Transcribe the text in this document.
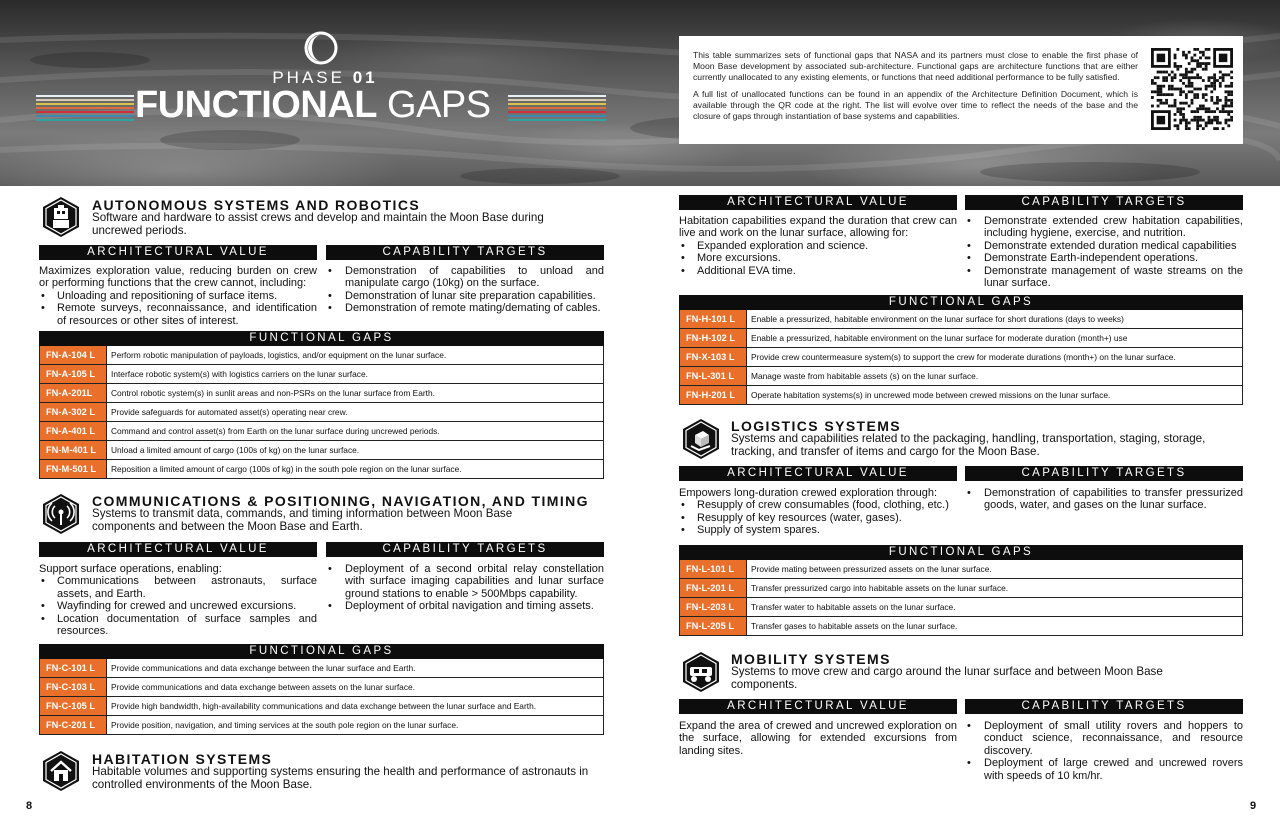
PHASE 01
FUNCTIONAL GAPS

This table summarizes sets of functional gaps that NASA and its partners must close to enable the first phase of Moon Base development by associated sub-architecture. Functional gaps are architecture functions that are either currently unallocated to any existing elements, or functions that need additional performance to be fully satisfied.

A full list of unallocated functions can be found in an appendix of the Architecture Definition Document, which is available through the QR code at the right. The list will evolve over time to reflect the needs of the base and the closure of gaps through instantiation of base systems and capabilities.

AUTONOMOUS SYSTEMS AND ROBOTICS
Software and hardware to assist crews and develop and maintain the Moon Base during uncrewed periods.
ARCHITECTURAL VALUE	CAPABILITY TARGETS
Maximizes exploration value, reducing burden on crew or performing functions that the crew cannot, including:
• Unloading and repositioning of surface items.
• Remote surveys, reconnaissance, and identification of resources or other sites of interest.
• Demonstration of capabilities to unload and manipulate cargo (10kg) on the surface.
• Demonstration of lunar site preparation capabilities.
• Demonstration of remote mating/demating of cables.
FUNCTIONAL GAPS
FN-A-104 L	Perform robotic manipulation of payloads, logistics, and/or equipment on the lunar surface.
FN-A-105 L	Interface robotic system(s) with logistics carriers on the lunar surface.
FN-A-201L	Control robotic system(s) in sunlit areas and non-PSRs on the lunar surface from Earth.
FN-A-302 L	Provide safeguards for automated asset(s) operating near crew.
FN-A-401 L	Command and control asset(s) from Earth on the lunar surface during uncrewed periods.
FN-M-401 L	Unload a limited amount of cargo (100s of kg) on the lunar surface.
FN-M-501 L	Reposition a limited amount of cargo (100s of kg) in the south pole region on the lunar surface.
COMMUNICATIONS & POSITIONING, NAVIGATION, AND TIMING
Systems to transmit data, commands, and timing information between Moon Base components and between the Moon Base and Earth.
ARCHITECTURAL VALUE	CAPABILITY TARGETS
Support surface operations, enabling:
• Communications between astronauts, surface assets, and Earth.
• Wayfinding for crewed and uncrewed excursions.
• Location documentation of surface samples and resources.
• Deployment of a second orbital relay constellation with surface imaging capabilities and lunar surface ground stations to enable > 500Mbps capability.
• Deployment of orbital navigation and timing assets.
FUNCTIONAL GAPS
FN-C-101 L	Provide communications and data exchange between the lunar surface and Earth.
FN-C-103 L	Provide communications and data exchange between assets on the lunar surface.
FN-C-105 L	Provide high bandwidth, high-availability communications and data exchange between the lunar surface and Earth.
FN-C-201 L	Provide position, navigation, and timing services at the south pole region on the lunar surface.
HABITATION SYSTEMS
Habitable volumes and supporting systems ensuring the health and performance of astronauts in controlled environments of the Moon Base.
8
ARCHITECTURAL VALUE	CAPABILITY TARGETS
Habitation capabilities expand the duration that crew can live and work on the lunar surface, allowing for:
• Expanded exploration and science.
• More excursions.
• Additional EVA time.
• Demonstrate extended crew habitation capabilities, including hygiene, exercise, and nutrition.
• Demonstrate extended duration medical capabilities
• Demonstrate Earth-independent operations.
• Demonstrate management of waste streams on the lunar surface.
FUNCTIONAL GAPS
FN-H-101 L	Enable a pressurized, habitable environment on the lunar surface for short durations (days to weeks)
FN-H-102 L	Enable a pressurized, habitable environment on the lunar surface for moderate duration (month+) use
FN-X-103 L	Provide crew countermeasure system(s) to support the crew for moderate durations (month+) on the lunar surface.
FN-L-301 L	Manage waste from habitable assets (s) on the lunar surface.
FN-H-201 L	Operate habitation systems(s) in uncrewed mode between crewed missions on the lunar surface.
LOGISTICS SYSTEMS
Systems and capabilities related to the packaging, handling, transportation, staging, storage, tracking, and transfer of items and cargo for the Moon Base.
ARCHITECTURAL VALUE	CAPABILITY TARGETS
Empowers long-duration crewed exploration through:
• Resupply of crew consumables (food, clothing, etc.)
• Resupply of key resources (water, gases).
• Supply of system spares.
• Demonstration of capabilities to transfer pressurized goods, water, and gases on the lunar surface.
FUNCTIONAL GAPS
FN-L-101 L	Provide mating between pressurized assets on the lunar surface.
FN-L-201 L	Transfer pressurized cargo into habitable assets on the lunar surface.
FN-L-203 L	Transfer water to habitable assets on the lunar surface.
FN-L-205 L	Transfer gases to habitable assets on the lunar surface.
MOBILITY SYSTEMS
Systems to move crew and cargo around the lunar surface and between Moon Base components.
ARCHITECTURAL VALUE	CAPABILITY TARGETS
Expand the area of crewed and uncrewed exploration on the surface, allowing for extended excursions from landing sites.
• Deployment of small utility rovers and hoppers to conduct science, reconnaissance, and resource discovery.
• Deployment of large crewed and uncrewed rovers with speeds of 10 km/hr.
9
